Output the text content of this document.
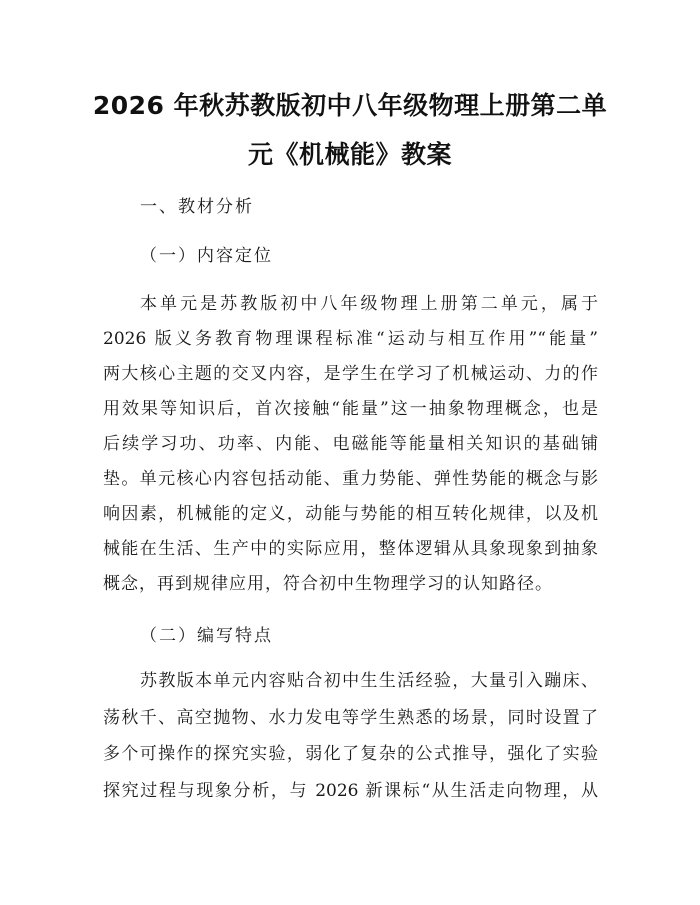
2026 年秋苏教版初中八年级物理上册第二单
元《机械能》教案
一、教材分析
（一）内容定位
本单元是苏教版初中八年级物理上册第二单元，属于
2026 版义务教育物理课程标准“运动与相互作用”“能量”
两大核心主题的交叉内容，是学生在学习了机械运动、力的作
用效果等知识后，首次接触“能量”这一抽象物理概念，也是
后续学习功、功率、内能、电磁能等能量相关知识的基础铺
垫。单元核心内容包括动能、重力势能、弹性势能的概念与影
响因素，机械能的定义，动能与势能的相互转化规律，以及机
械能在生活、生产中的实际应用，整体逻辑从具象现象到抽象
概念，再到规律应用，符合初中生物理学习的认知路径。
（二）编写特点
苏教版本单元内容贴合初中生生活经验，大量引入蹦床、
荡秋千、高空抛物、水力发电等学生熟悉的场景，同时设置了
多个可操作的探究实验，弱化了复杂的公式推导，强化了实验
探究过程与现象分析，与 2026 新课标“从生活走向物理，从
